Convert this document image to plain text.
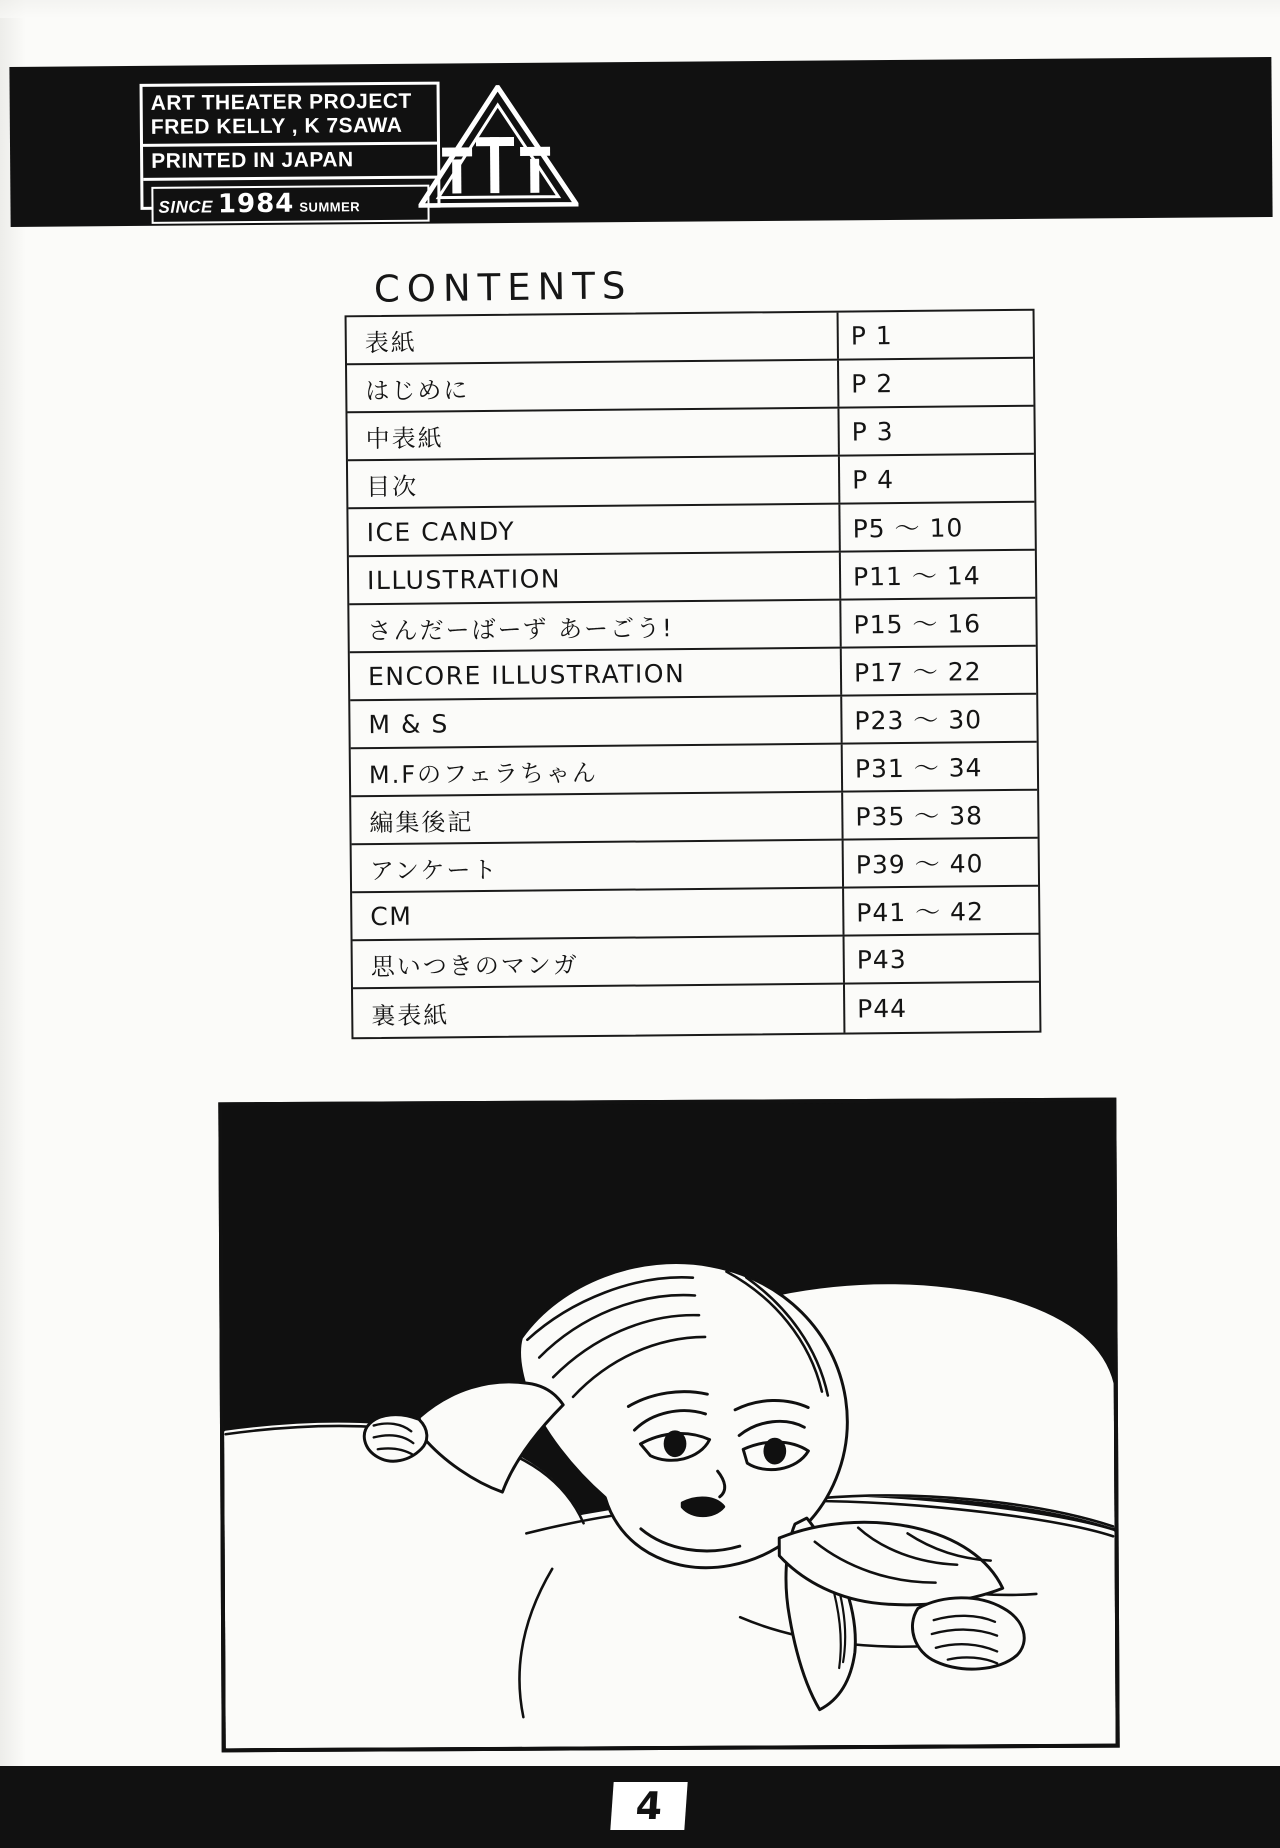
ART THEATER PROJECT
FRED KELLY , K 7SAWA
PRINTED IN JAPAN
SINCE 1984 SUMMER
CONTENTS
表紙	P 1
はじめに	P 2
中表紙	P 3
目次	P 4
ICE CANDY	P5 ～ 10
ILLUSTRATION	P11 ～ 14
さんだーばーず あーごう!	P15 ～ 16
ENCORE ILLUSTRATION	P17 ～ 22
M & S	P23 ～ 30
M.Fのフェラちゃん	P31 ～ 34
編集後記	P35 ～ 38
アンケート	P39 ～ 40
CM	P41 ～ 42
思いつきのマンガ	P43
裏表紙	P44
4
